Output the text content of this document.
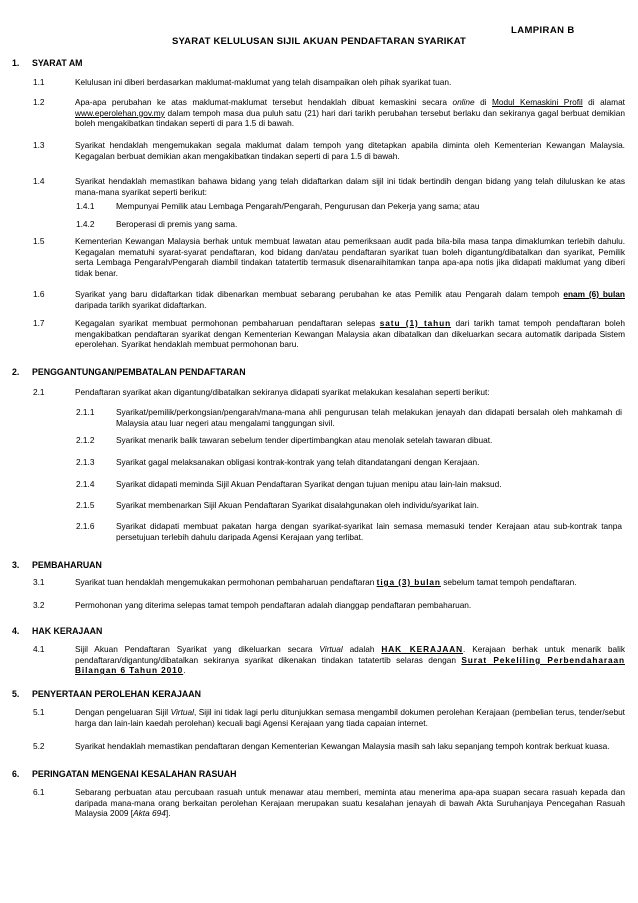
LAMPIRAN B
SYARAT KELULUSAN SIJIL AKUAN PENDAFTARAN SYARIKAT
1. SYARAT AM
1.1	Kelulusan ini diberi berdasarkan maklumat-maklumat yang telah disampaikan oleh pihak syarikat tuan.
1.2	Apa-apa perubahan ke atas maklumat-maklumat tersebut hendaklah dibuat kemaskini secara online di Modul Kemaskini Profil di alamat www.eperolehan.gov.my dalam tempoh masa dua puluh satu (21) hari dari tarikh perubahan tersebut berlaku dan sekiranya gagal berbuat demikian boleh mengakibatkan tindakan seperti di para 1.5 di bawah.
1.3	Syarikat hendaklah mengemukakan segala maklumat dalam tempoh yang ditetapkan apabila diminta oleh Kementerian Kewangan Malaysia. Kegagalan berbuat demikian akan mengakibatkan tindakan seperti di para 1.5 di bawah.
1.4	Syarikat hendaklah memastikan bahawa bidang yang telah didaftarkan dalam sijil ini tidak bertindih dengan bidang yang telah diluluskan ke atas mana-mana syarikat seperti berikut:
1.4.1	Mempunyai Pemilik atau Lembaga Pengarah/Pengarah, Pengurusan dan Pekerja yang sama; atau
1.4.2	Beroperasi di premis yang sama.
1.5	Kementerian Kewangan Malaysia berhak untuk membuat lawatan atau pemeriksaan audit pada bila-bila masa tanpa dimaklumkan terlebih dahulu. Kegagalan mematuhi syarat-syarat pendaftaran, kod bidang dan/atau pendaftaran syarikat tuan boleh digantung/dibatalkan dan syarikat, Pemilik serta Lembaga Pengarah/Pengarah diambil tindakan tatatertib termasuk disenaraihitamkan tanpa apa-apa notis jika didapati maklumat yang diberi tidak benar.
1.6	Syarikat yang baru didaftarkan tidak dibenarkan membuat sebarang perubahan ke atas Pemilik atau Pengarah dalam tempoh enam (6) bulan daripada tarikh syarikat didaftarkan.
1.7	Kegagalan syarikat membuat permohonan pembaharuan pendaftaran selepas satu (1) tahun dari tarikh tamat tempoh pendaftaran boleh mengakibatkan pendaftaran syarikat dengan Kementerian Kewangan Malaysia akan dibatalkan dan dikeluarkan secara automatik daripada Sistem eperolehan. Syarikat hendaklah membuat permohonan baru.
2. PENGGANTUNGAN/PEMBATALAN PENDAFTARAN
2.1	Pendaftaran syarikat akan digantung/dibatalkan sekiranya didapati syarikat melakukan kesalahan seperti berikut:
2.1.1	Syarikat/pemilik/perkongsian/pengarah/mana-mana ahli pengurusan telah melakukan jenayah dan didapati bersalah oleh mahkamah di Malaysia atau luar negeri atau mengalami tanggungan sivil.
2.1.2	Syarikat menarik balik tawaran sebelum tender dipertimbangkan atau menolak setelah tawaran dibuat.
2.1.3	Syarikat gagal melaksanakan obligasi kontrak-kontrak yang telah ditandatangani dengan Kerajaan.
2.1.4	Syarikat didapati meminda Sijil Akuan Pendaftaran Syarikat dengan tujuan menipu atau lain-lain maksud.
2.1.5	Syarikat membenarkan Sijil Akuan Pendaftaran Syarikat disalahgunakan oleh individu/syarikat lain.
2.1.6	Syarikat didapati membuat pakatan harga dengan syarikat-syarikat lain semasa memasuki tender Kerajaan atau sub-kontrak tanpa persetujuan terlebih dahulu daripada Agensi Kerajaan yang terlibat.
3. PEMBAHARUAN
3.1	Syarikat tuan hendaklah mengemukakan permohonan pembaharuan pendaftaran tiga (3) bulan sebelum tamat tempoh pendaftaran.
3.2	Permohonan yang diterima selepas tamat tempoh pendaftaran adalah dianggap pendaftaran pembaharuan.
4. HAK KERAJAAN
4.1	Sijil Akuan Pendaftaran Syarikat yang dikeluarkan secara Virtual adalah HAK KERAJAAN. Kerajaan berhak untuk menarik balik pendaftaran/digantung/dibatalkan sekiranya syarikat dikenakan tindakan tatatertib selaras dengan Surat Pekeliling Perbendaharaan Bilangan 6 Tahun 2010.
5. PENYERTAAN PEROLEHAN KERAJAAN
5.1	Dengan pengeluaran Sijil Virtual, Sijil ini tidak lagi perlu ditunjukkan semasa mengambil dokumen perolehan Kerajaan (pembelian terus, tender/sebut harga dan lain-lain kaedah perolehan) kecuali bagi Agensi Kerajaan yang tiada capaian internet.
5.2	Syarikat hendaklah memastikan pendaftaran dengan Kementerian Kewangan Malaysia masih sah laku sepanjang tempoh kontrak berkuat kuasa.
6. PERINGATAN MENGENAI KESALAHAN RASUAH
6.1	Sebarang perbuatan atau percubaan rasuah untuk menawar atau memberi, meminta atau menerima apa-apa suapan secara rasuah kepada dan daripada mana-mana orang berkaitan perolehan Kerajaan merupakan suatu kesalahan jenayah di bawah Akta Suruhanjaya Pencegahan Rasuah Malaysia 2009 [Akta 694].
